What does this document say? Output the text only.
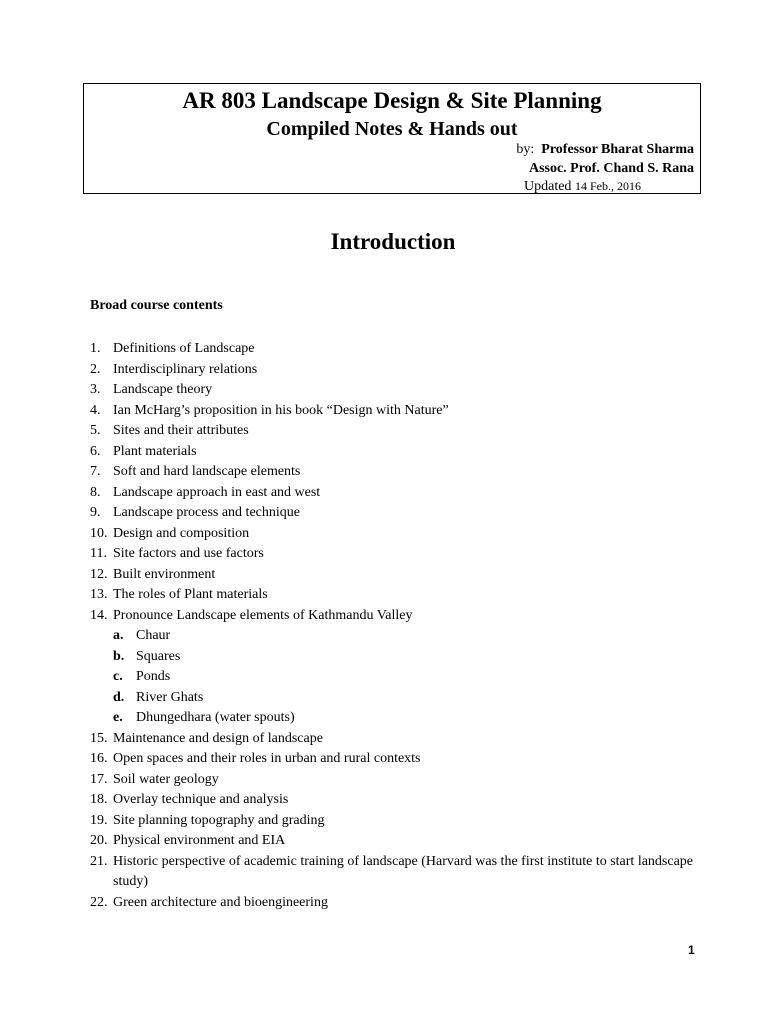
AR 803 Landscape Design & Site Planning
Compiled Notes & Hands out
by: Professor Bharat Sharma
Assoc. Prof. Chand S. Rana
Updated 14 Feb., 2016
Introduction
Broad course contents
1. Definitions of Landscape
2. Interdisciplinary relations
3. Landscape theory
4. Ian McHarg’s proposition in his book “Design with Nature”
5. Sites and their attributes
6. Plant materials
7. Soft and hard landscape elements
8. Landscape approach in east and west
9. Landscape process and technique
10. Design and composition
11. Site factors and use factors
12. Built environment
13. The roles of Plant materials
14. Pronounce Landscape elements of Kathmandu Valley
a. Chaur
b. Squares
c. Ponds
d. River Ghats
e. Dhungedhara (water spouts)
15. Maintenance and design of landscape
16. Open spaces and their roles in urban and rural contexts
17. Soil water geology
18. Overlay technique and analysis
19. Site planning topography and grading
20. Physical environment and EIA
21. Historic perspective of academic training of landscape (Harvard was the first institute to start landscape study)
22. Green architecture and bioengineering
1
